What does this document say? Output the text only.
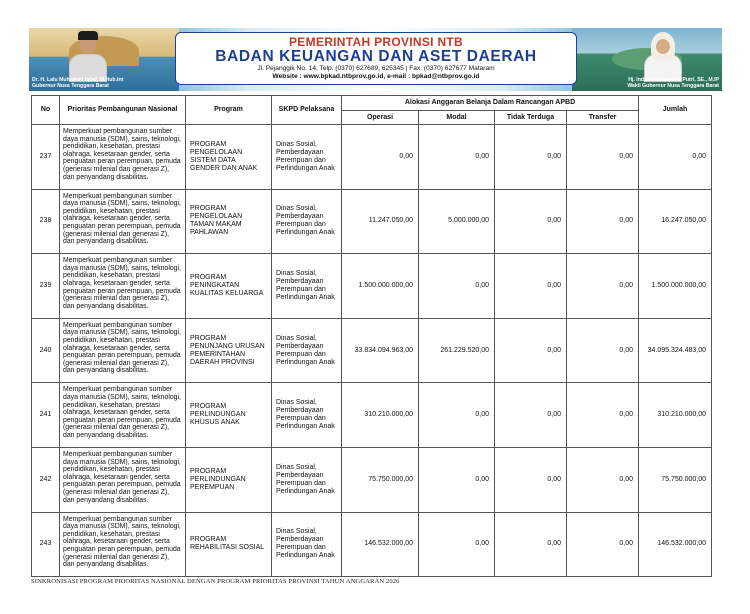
Dr. H. Lalu Muhamad Iqbal, M.Hub.Int
Gubernur Nusa Tenggara Barat
Hj. Indah Dhamayanti Putri, SE., M.IP
Wakil Gubernur Nusa Tenggara Barat
PEMERINTAH PROVINSI NTB
BADAN KEUANGAN DAN ASET DAERAH
Jl. Pejanggik No. 14, Telp. (0370) 627689, 625345 | Fax. (0370) 627677 Mataram
Website : www.bpkad.ntbprov.go.id, e-mail : bpkad@ntbprov.go.id
No	Prioritas Pembangunan Nasional	Program	SKPD Pelaksana	Alokasi Anggaran Belanja Dalam Rancangan APBD				Jumlah
				Operasi	Modal	Tidak Terduga	Transfer	
237	Memperkuat pembangunan sumber daya manusia (SDM), sains, teknologi, pendidikan, kesehatan, prestasi olahraga, kesetaraan gender, serta penguatan peran perempuan, pemuda (generasi milenial dan generasi Z), dan penyandang disabilitas.	PROGRAM PENGELOLAAN SISTEM DATA GENDER DAN ANAK	Dinas Sosial, Pemberdayaan Perempuan dan Perlindungan Anak	0,00	0,00	0,00	0,00	0,00
238	Memperkuat pembangunan sumber daya manusia (SDM), sains, teknologi, pendidikan, kesehatan, prestasi olahraga, kesetaraan gender, serta penguatan peran perempuan, pemuda (generasi milenial dan generasi Z), dan penyandang disabilitas.	PROGRAM PENGELOLAAN TAMAN MAKAM PAHLAWAN	Dinas Sosial, Pemberdayaan Perempuan dan Perlindungan Anak	11.247.050,00	5.000.000,00	0,00	0,00	16.247.050,00
239	Memperkuat pembangunan sumber daya manusia (SDM), sains, teknologi, pendidikan, kesehatan, prestasi olahraga, kesetaraan gender, serta penguatan peran perempuan, pemuda (generasi milenial dan generasi Z), dan penyandang disabilitas.	PROGRAM PENINGKATAN KUALITAS KELUARGA	Dinas Sosial, Pemberdayaan Perempuan dan Perlindungan Anak	1.500.000.000,00	0,00	0,00	0,00	1.500.000.000,00
240	Memperkuat pembangunan sumber daya manusia (SDM), sains, teknologi, pendidikan, kesehatan, prestasi olahraga, kesetaraan gender, serta penguatan peran perempuan, pemuda (generasi milenial dan generasi Z), dan penyandang disabilitas.	PROGRAM PENUNJANG URUSAN PEMERINTAHAN DAERAH PROVINSI	Dinas Sosial, Pemberdayaan Perempuan dan Perlindungan Anak	33.834.094.963,00	261.229.520,00	0,00	0,00	34.095.324.483,00
241	Memperkuat pembangunan sumber daya manusia (SDM), sains, teknologi, pendidikan, kesehatan, prestasi olahraga, kesetaraan gender, serta penguatan peran perempuan, pemuda (generasi milenial dan generasi Z), dan penyandang disabilitas.	PROGRAM PERLINDUNGAN KHUSUS ANAK	Dinas Sosial, Pemberdayaan Perempuan dan Perlindungan Anak	310.210.000,00	0,00	0,00	0,00	310.210.000,00
242	Memperkuat pembangunan sumber daya manusia (SDM), sains, teknologi, pendidikan, kesehatan, prestasi olahraga, kesetaraan gender, serta penguatan peran perempuan, pemuda (generasi milenial dan generasi Z), dan penyandang disabilitas.	PROGRAM PERLINDUNGAN PEREMPUAN	Dinas Sosial, Pemberdayaan Perempuan dan Perlindungan Anak	75.750.000,00	0,00	0,00	0,00	75.750.000,00
243	Memperkuat pembangunan sumber daya manusia (SDM), sains, teknologi, pendidikan, kesehatan, prestasi olahraga, kesetaraan gender, serta penguatan peran perempuan, pemuda (generasi milenial dan generasi Z), dan penyandang disabilitas.	PROGRAM REHABILITASI SOSIAL	Dinas Sosial, Pemberdayaan Perempuan dan Perlindungan Anak	146.532.000,00	0,00	0,00	0,00	146.532.000,00
SINKRONISASI PROGRAM PRIORITAS NASIONAL DENGAN PROGRAM PRIORITAS PROVINSI TAHUN ANGGARAN 2026
